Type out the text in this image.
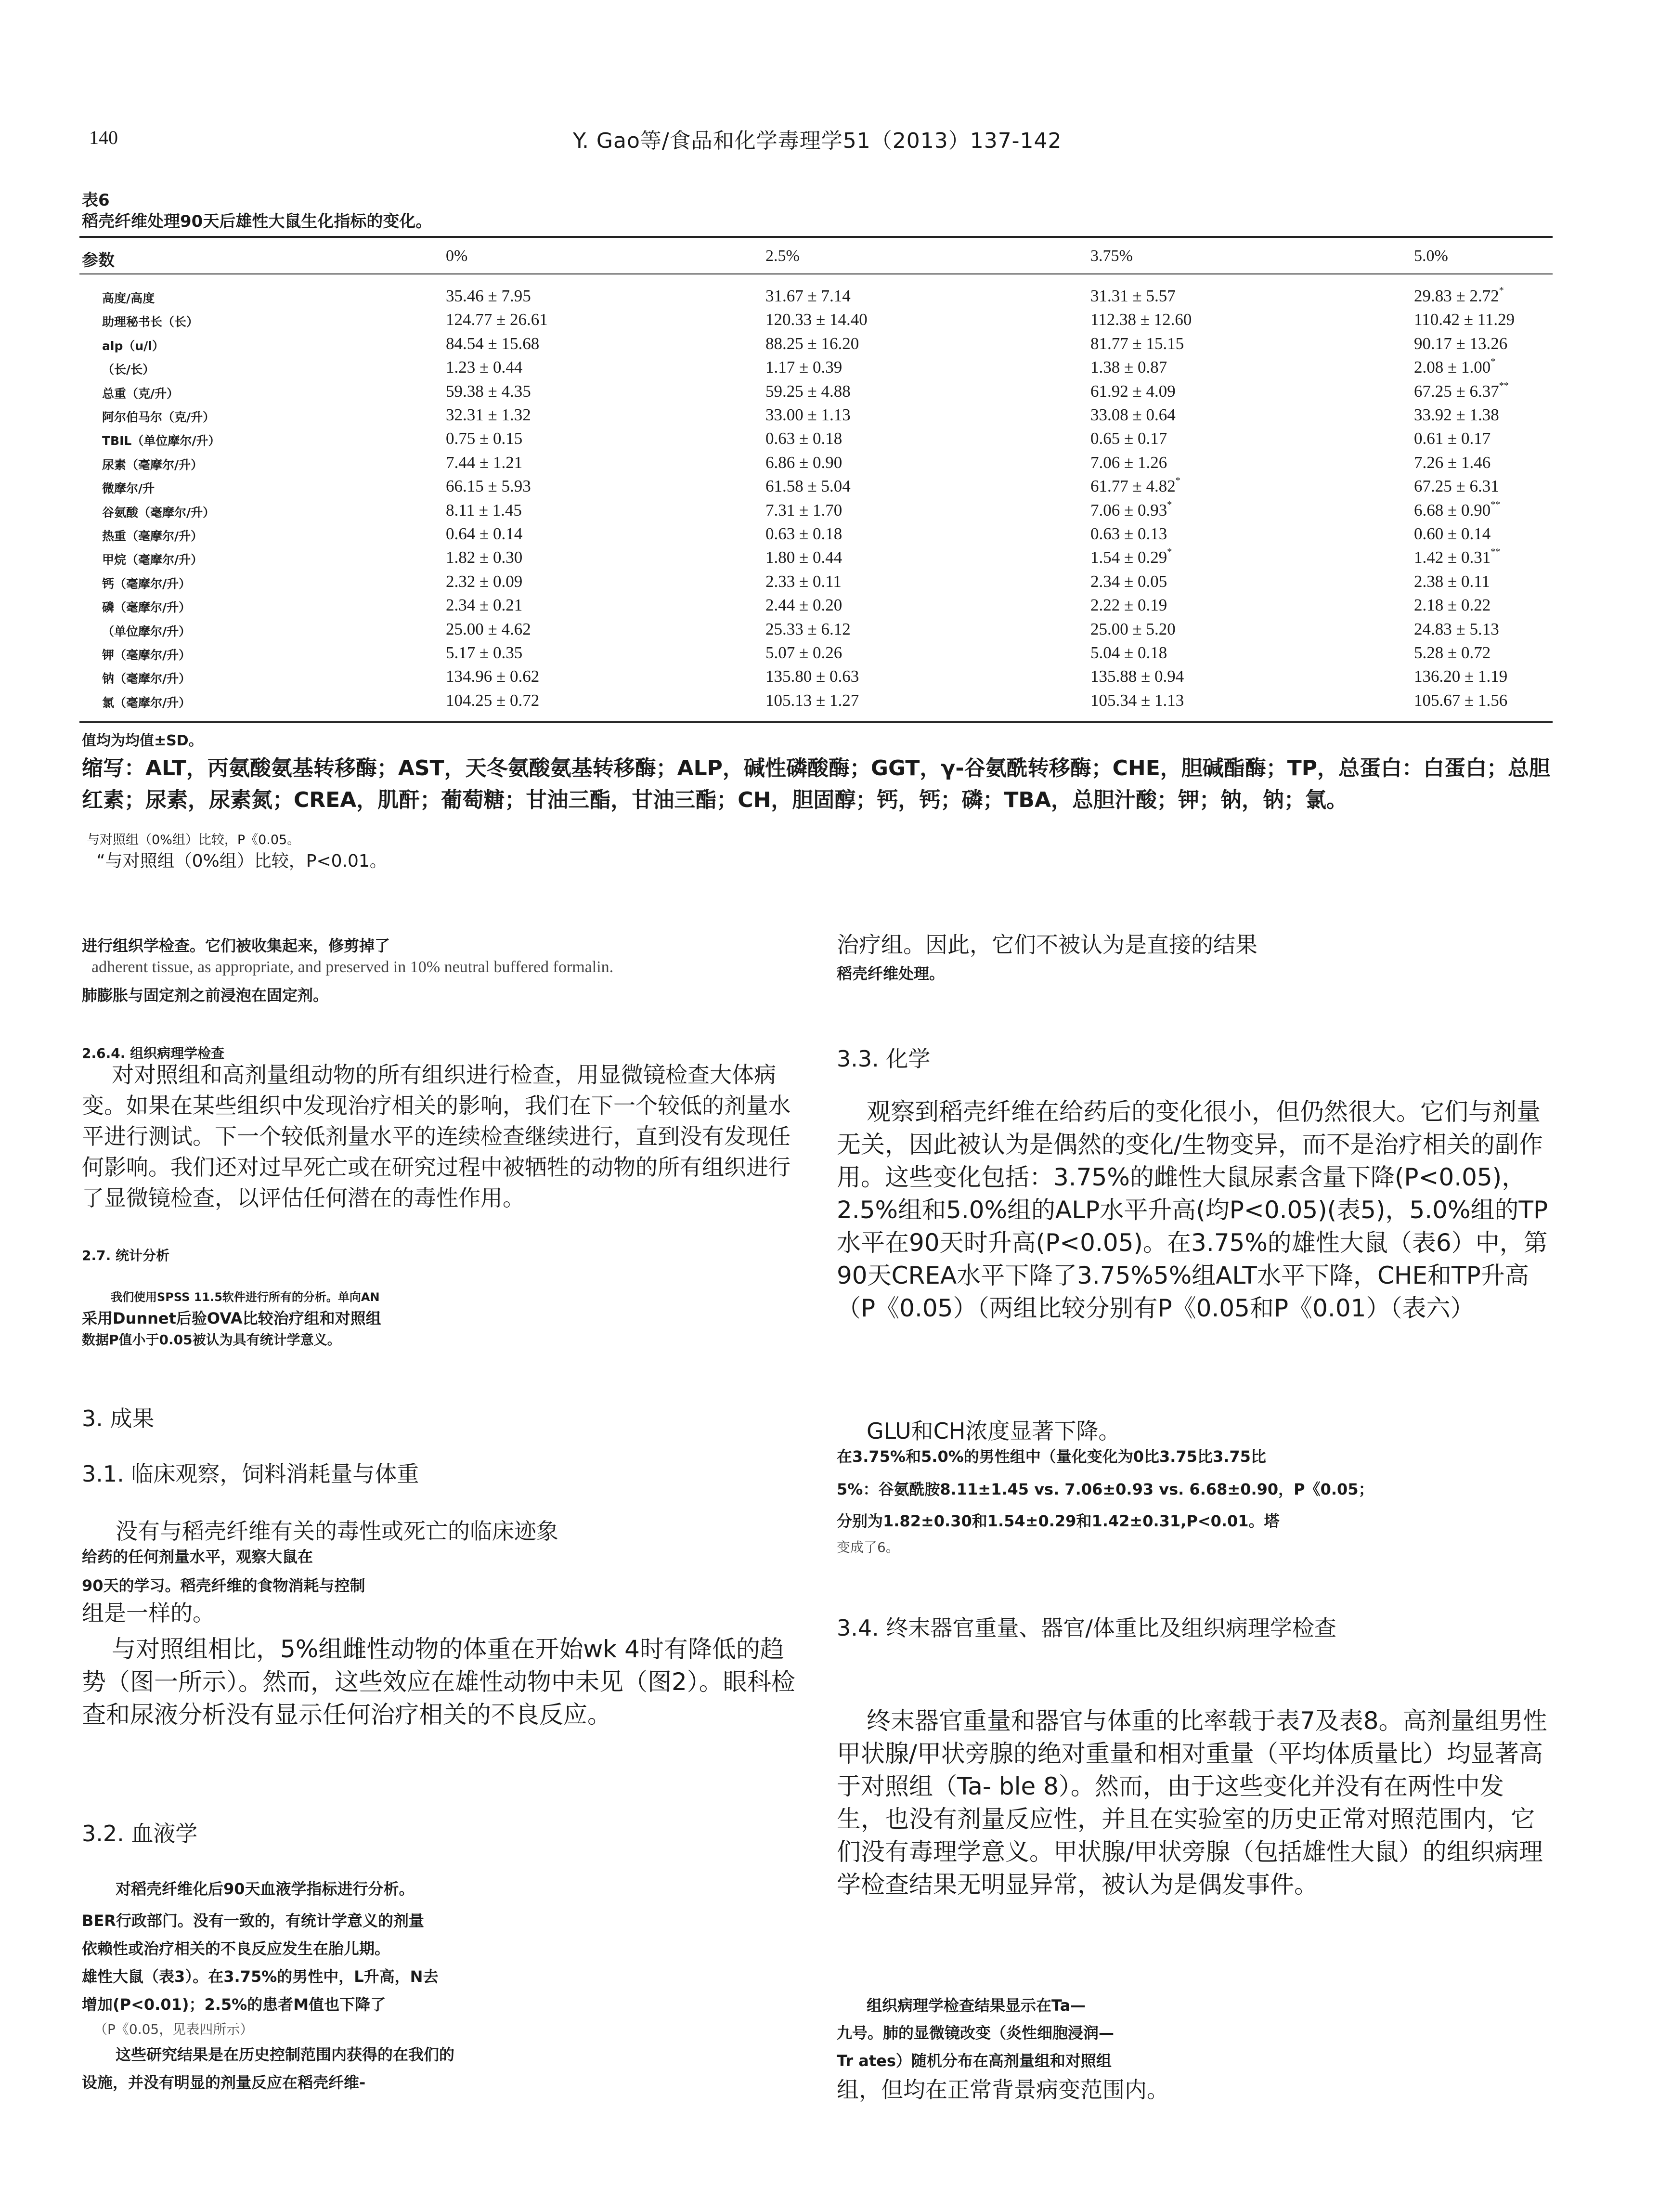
140	Y. Gao等/食品和化学毒理学51（2013）137-142
表6
稻壳纤维处理90天后雄性大鼠生化指标的变化。
参数	0%	2.5%	3.75%	5.0%
高度/高度	35.46 ± 7.95	31.67 ± 7.14	31.31 ± 5.57	29.83 ± 2.72*
助理秘书长（长）	124.77 ± 26.61	120.33 ± 14.40	112.38 ± 12.60	110.42 ± 11.29
alp（u/l）	84.54 ± 15.68	88.25 ± 16.20	81.77 ± 15.15	90.17 ± 13.26
（长/长）	1.23 ± 0.44	1.17 ± 0.39	1.38 ± 0.87	2.08 ± 1.00*
总重（克/升）	59.38 ± 4.35	59.25 ± 4.88	61.92 ± 4.09	67.25 ± 6.37**
阿尔伯马尔（克/升）	32.31 ± 1.32	33.00 ± 1.13	33.08 ± 0.64	33.92 ± 1.38
TBIL（单位摩尔/升）	0.75 ± 0.15	0.63 ± 0.18	0.65 ± 0.17	0.61 ± 0.17
尿素（毫摩尔/升）	7.44 ± 1.21	6.86 ± 0.90	7.06 ± 1.26	7.26 ± 1.46
微摩尔/升	66.15 ± 5.93	61.58 ± 5.04	61.77 ± 4.82*	67.25 ± 6.31
谷氨酸（毫摩尔/升）	8.11 ± 1.45	7.31 ± 1.70	7.06 ± 0.93*	6.68 ± 0.90**
热重（毫摩尔/升）	0.64 ± 0.14	0.63 ± 0.18	0.63 ± 0.13	0.60 ± 0.14
甲烷（毫摩尔/升）	1.82 ± 0.30	1.80 ± 0.44	1.54 ± 0.29*	1.42 ± 0.31**
钙（毫摩尔/升）	2.32 ± 0.09	2.33 ± 0.11	2.34 ± 0.05	2.38 ± 0.11
磷（毫摩尔/升）	2.34 ± 0.21	2.44 ± 0.20	2.22 ± 0.19	2.18 ± 0.22
（单位摩尔/升）	25.00 ± 4.62	25.33 ± 6.12	25.00 ± 5.20	24.83 ± 5.13
钾（毫摩尔/升）	5.17 ± 0.35	5.07 ± 0.26	5.04 ± 0.18	5.28 ± 0.72
钠（毫摩尔/升）	134.96 ± 0.62	135.80 ± 0.63	135.88 ± 0.94	136.20 ± 1.19
氯（毫摩尔/升）	104.25 ± 0.72	105.13 ± 1.27	105.34 ± 1.13	105.67 ± 1.56
值均为均值±SD。
缩写：ALT，丙氨酸氨基转移酶；AST，天冬氨酸氨基转移酶；ALP，碱性磷酸酶；GGT，γ-谷氨酰转移酶；CHE，胆碱酯酶；TP，总蛋白：白蛋白；总胆红素；尿素，尿素氮；CREA，肌酐；葡萄糖；甘油三酯，甘油三酯；CH，胆固醇；钙，钙；磷；TBA，总胆汁酸；钾；钠，钠；氯。
与对照组（0%组）比较，P《0.05。
“与对照组（0%组）比较，P<0.01。

进行组织学检查。它们被收集起来，修剪掉了

adherent tissue, as appropriate, and preserved in 10% neutral buffered formalin.

肺膨胀与固定剂之前浸泡在固定剂。

2.6.4. 组织病理学检查

对对照组和高剂量组动物的所有组织进行检查，用显微镜检查大体病变。如果在某些组织中发现治疗相关的影响，我们在下一个较低的剂量水平进行测试。下一个较低剂量水平的连续检查继续进行，直到没有发现任何影响。我们还对过早死亡或在研究过程中被牺牲的动物的所有组织进行了显微镜检查，以评估任何潜在的毒性作用。

2.7. 统计分析

我们使用SPSS 11.5软件进行所有的分析。单向AN

采用Dunnet后验OVA比较治疗组和对照组

数据P值小于0.05被认为具有统计学意义。

3. 成果

3.1. 临床观察，饲料消耗量与体重

没有与稻壳纤维有关的毒性或死亡的临床迹象

给药的任何剂量水平，观察大鼠在

90天的学习。稻壳纤维的食物消耗与控制

组是一样的。

与对照组相比，5%组雌性动物的体重在开始wk 4时有降低的趋势（图一所示）。然而，这些效应在雄性动物中未见（图2）。眼科检查和尿液分析没有显示任何治疗相关的不良反应。

3.2. 血液学

对稻壳纤维化后90天血液学指标进行分析。

BER行政部门。没有一致的，有统计学意义的剂量

依赖性或治疗相关的不良反应发生在胎儿期。

雄性大鼠（表3）。在3.75%的男性中，L升高，N去

增加(P<0.01)；2.5%的患者M值也下降了

（P《0.05，见表四所示）

这些研究结果是在历史控制范围内获得的在我们的

设施，并没有明显的剂量反应在稻壳纤维-

治疗组。因此，它们不被认为是直接的结果

稻壳纤维处理。

3.3. 化学

观察到稻壳纤维在给药后的变化很小，但仍然很大。它们与剂量无关，因此被认为是偶然的变化/生物变异，而不是治疗相关的副作用。这些变化包括：3.75%的雌性大鼠尿素含量下降(P<0.05)，2.5%组和5.0%组的ALP水平升高(均P<0.05)(表5)，5.0%组的TP水平在90天时升高(P<0.05)。在3.75%的雄性大鼠（表6）中，第90天CREA水平下降了3.75%5%组ALT水平下降，CHE和TP升高（P《0.05）（两组比较分别有P《0.05和P《0.01）（表六）

GLU和CH浓度显著下降。

在3.75%和5.0%的男性组中（量化变化为0比3.75比3.75比

5%：谷氨酰胺8.11±1.45 vs. 7.06±0.93 vs. 6.68±0.90，P《0.05；

分别为1.82±0.30和1.54±0.29和1.42±0.31,P<0.01。塔

变成了6。

3.4. 终末器官重量、器官/体重比及组织病理学检查

终末器官重量和器官与体重的比率载于表7及表8。高剂量组男性甲状腺/甲状旁腺的绝对重量和相对重量（平均体质量比）均显著高于对照组（Ta- ble 8）。然而，由于这些变化并没有在两性中发生，也没有剂量反应性，并且在实验室的历史正常对照范围内，它们没有毒理学意义。甲状腺/甲状旁腺（包括雄性大鼠）的组织病理学检查结果无明显异常，被认为是偶发事件。

组织病理学检查结果显示在Ta—

九号。肺的显微镜改变（炎性细胞浸润—

Tr ates）随机分布在高剂量组和对照组

组，但均在正常背景病变范围内。
